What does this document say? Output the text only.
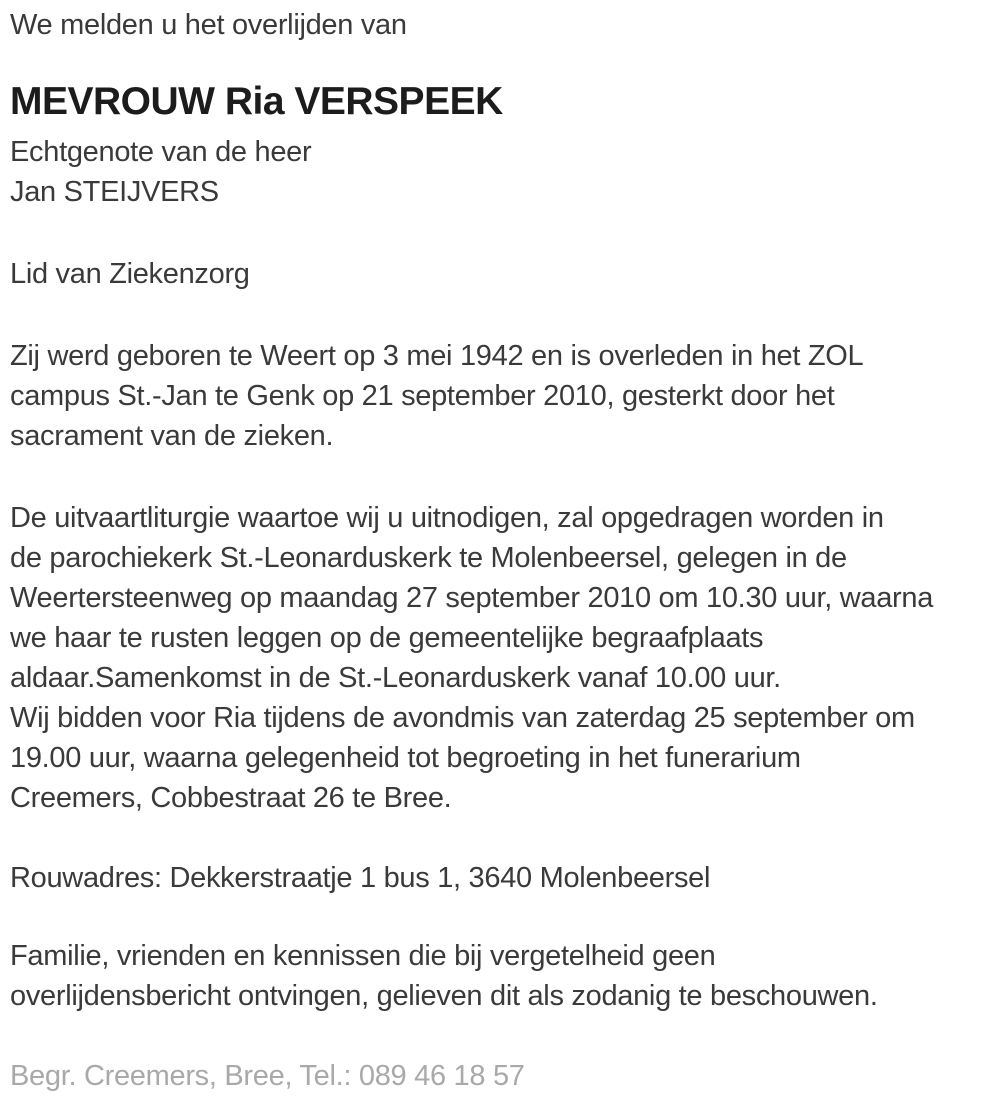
We melden u het overlijden van
MEVROUW Ria VERSPEEK
Echtgenote van de heer
Jan STEIJVERS
Lid van Ziekenzorg
Zij werd geboren te Weert op 3 mei 1942 en is overleden in het ZOL
campus St.-Jan te Genk op 21 september 2010, gesterkt door het
sacrament van de zieken.
De uitvaartliturgie waartoe wij u uitnodigen, zal opgedragen worden in
de parochiekerk St.-Leonarduskerk te Molenbeersel, gelegen in de
Weertersteenweg op maandag 27 september 2010 om 10.30 uur, waarna
we haar te rusten leggen op de gemeentelijke begraafplaats
aldaar.Samenkomst in de St.-Leonarduskerk vanaf 10.00 uur.
Wij bidden voor Ria tijdens de avondmis van zaterdag 25 september om
19.00 uur, waarna gelegenheid tot begroeting in het funerarium
Creemers, Cobbestraat 26 te Bree.
Rouwadres: Dekkerstraatje 1 bus 1, 3640 Molenbeersel
Familie, vrienden en kennissen die bij vergetelheid geen
overlijdensbericht ontvingen, gelieven dit als zodanig te beschouwen.
Begr. Creemers, Bree, Tel.: 089 46 18 57
